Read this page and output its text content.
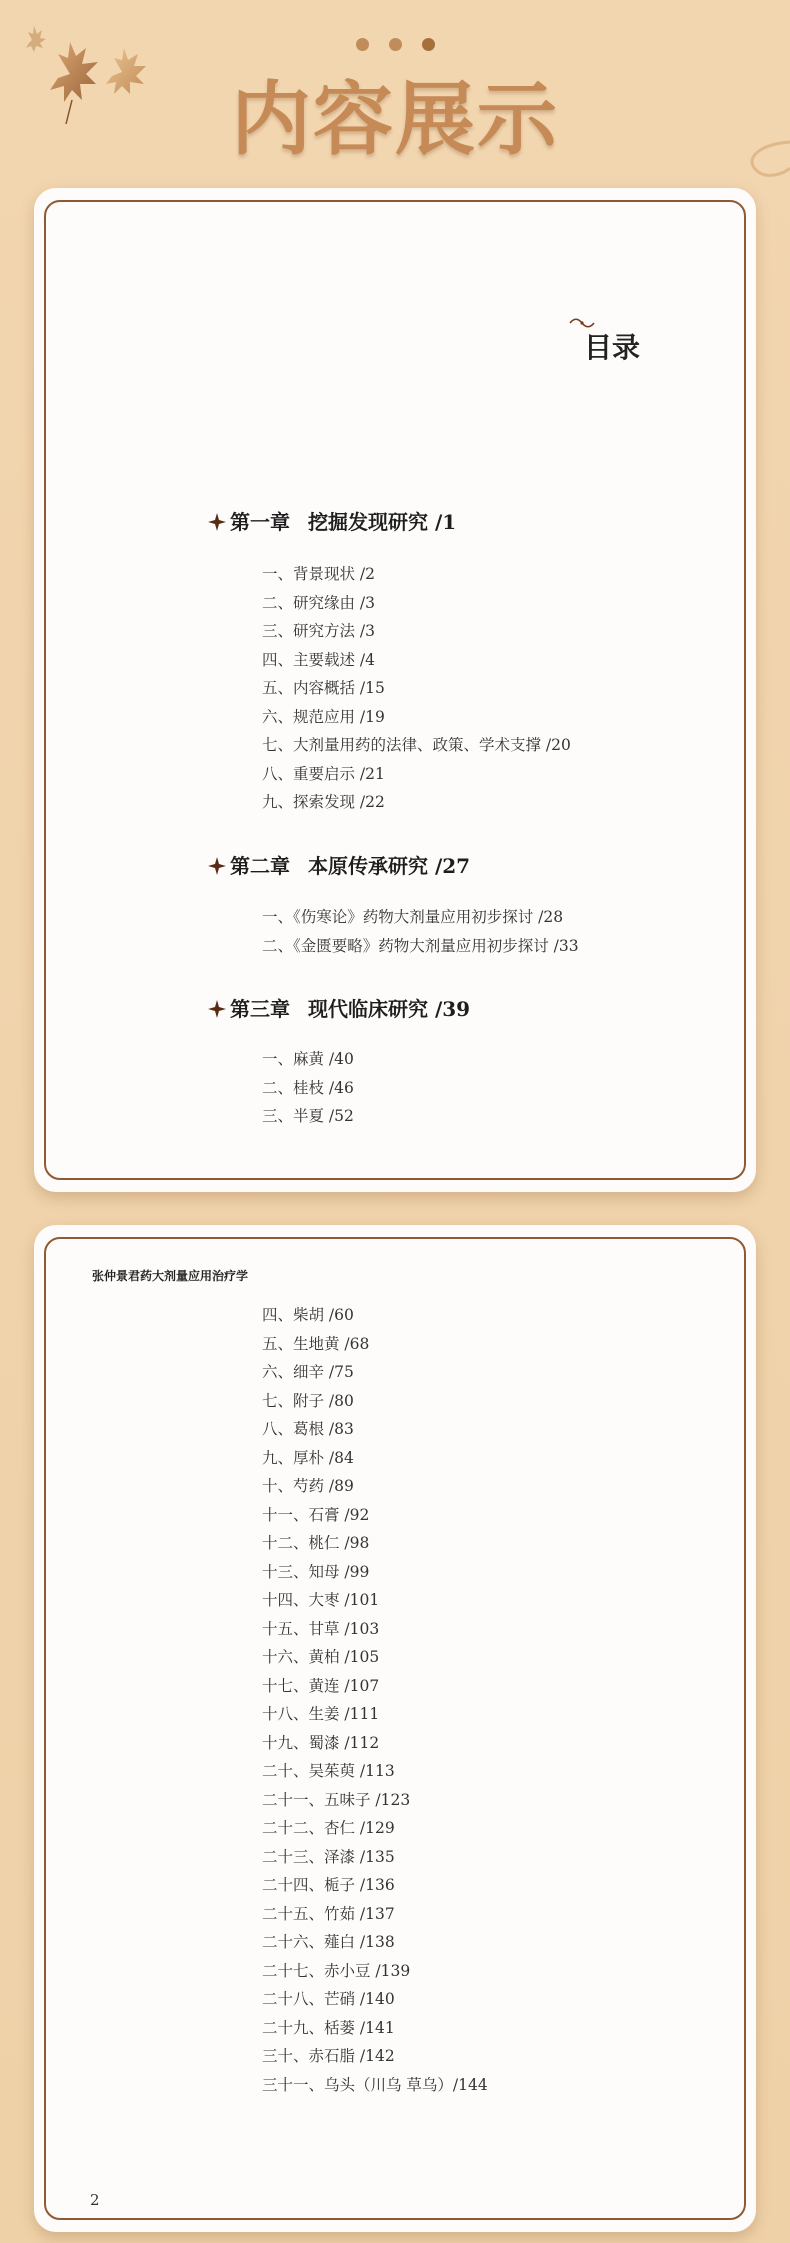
内容展示
目录
第一章 挖掘发现研究 /1
一、背景现状 /2
二、研究缘由 /3
三、研究方法 /3
四、主要载述 /4
五、内容概括 /15
六、规范应用 /19
七、大剂量用药的法律、政策、学术支撑 /20
八、重要启示 /21
九、探索发现 /22
第二章 本原传承研究 /27
一、《伤寒论》药物大剂量应用初步探讨 /28
二、《金匮要略》药物大剂量应用初步探讨 /33
第三章 现代临床研究 /39
一、麻黄 /40
二、桂枝 /46
三、半夏 /52
张仲景君药大剂量应用治疗学
四、柴胡 /60
五、生地黄 /68
六、细辛 /75
七、附子 /80
八、葛根 /83
九、厚朴 /84
十、芍药 /89
十一、石膏 /92
十二、桃仁 /98
十三、知母 /99
十四、大枣 /101
十五、甘草 /103
十六、黄柏 /105
十七、黄连 /107
十八、生姜 /111
十九、蜀漆 /112
二十、吴茱萸 /113
二十一、五味子 /123
二十二、杏仁 /129
二十三、泽漆 /135
二十四、栀子 /136
二十五、竹茹 /137
二十六、薤白 /138
二十七、赤小豆 /139
二十八、芒硝 /140
二十九、栝蒌 /141
三十、赤石脂 /142
三十一、乌头（川乌 草乌）/144
2
